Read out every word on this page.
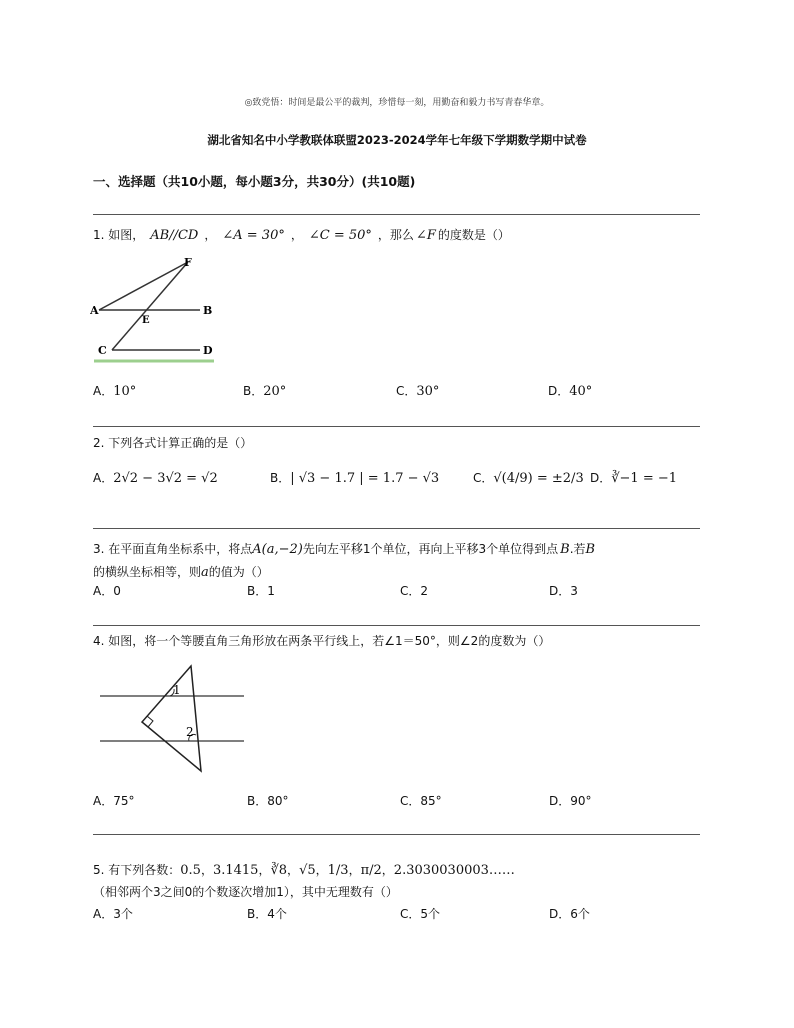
◎致党悟：时间是最公平的裁判，珍惜每一刻，用勤奋和毅力书写青春华章。
湖北省知名中小学教联体联盟2023-2024学年七年级下学期数学期中试卷
一、选择题（共10小题，每小题3分，共30分）(共10题)
1. 如图， AB//CD ， ∠A = 30° ， ∠C = 50° ，那么 ∠F 的度数是（）
F
A
E
B
C	D
A．10°	B．20°	C．30°	D．40°
2. 下列各式计算正确的是（）
A．2√2 − 3√2 = √2	B．| √3 − 1.7 | = 1.7 − √3	C．√(4/9) = ±2/3 D．∛−1 = −1
3. 在平面直角坐标系中，将点A(a,−2)先向左平移1个单位，再向上平移3个单位得到点 B.若B
的横纵坐标相等，则a的值为（）
A．0	B．1	C．2	D．3
4. 如图，将一个等腰直角三角形放在两条平行线上，若∠1＝50°，则∠2的度数为（）
1
2
A．75°	B．80°	C．85°	D．90°
5. 有下列各数：0.5，3.1415，∛8，√5，1/3，π/2，2.3030030003……
（相邻两个3之间0的个数逐次增加1），其中无理数有（）
A．3个	B．4个	C．5个	D．6个
